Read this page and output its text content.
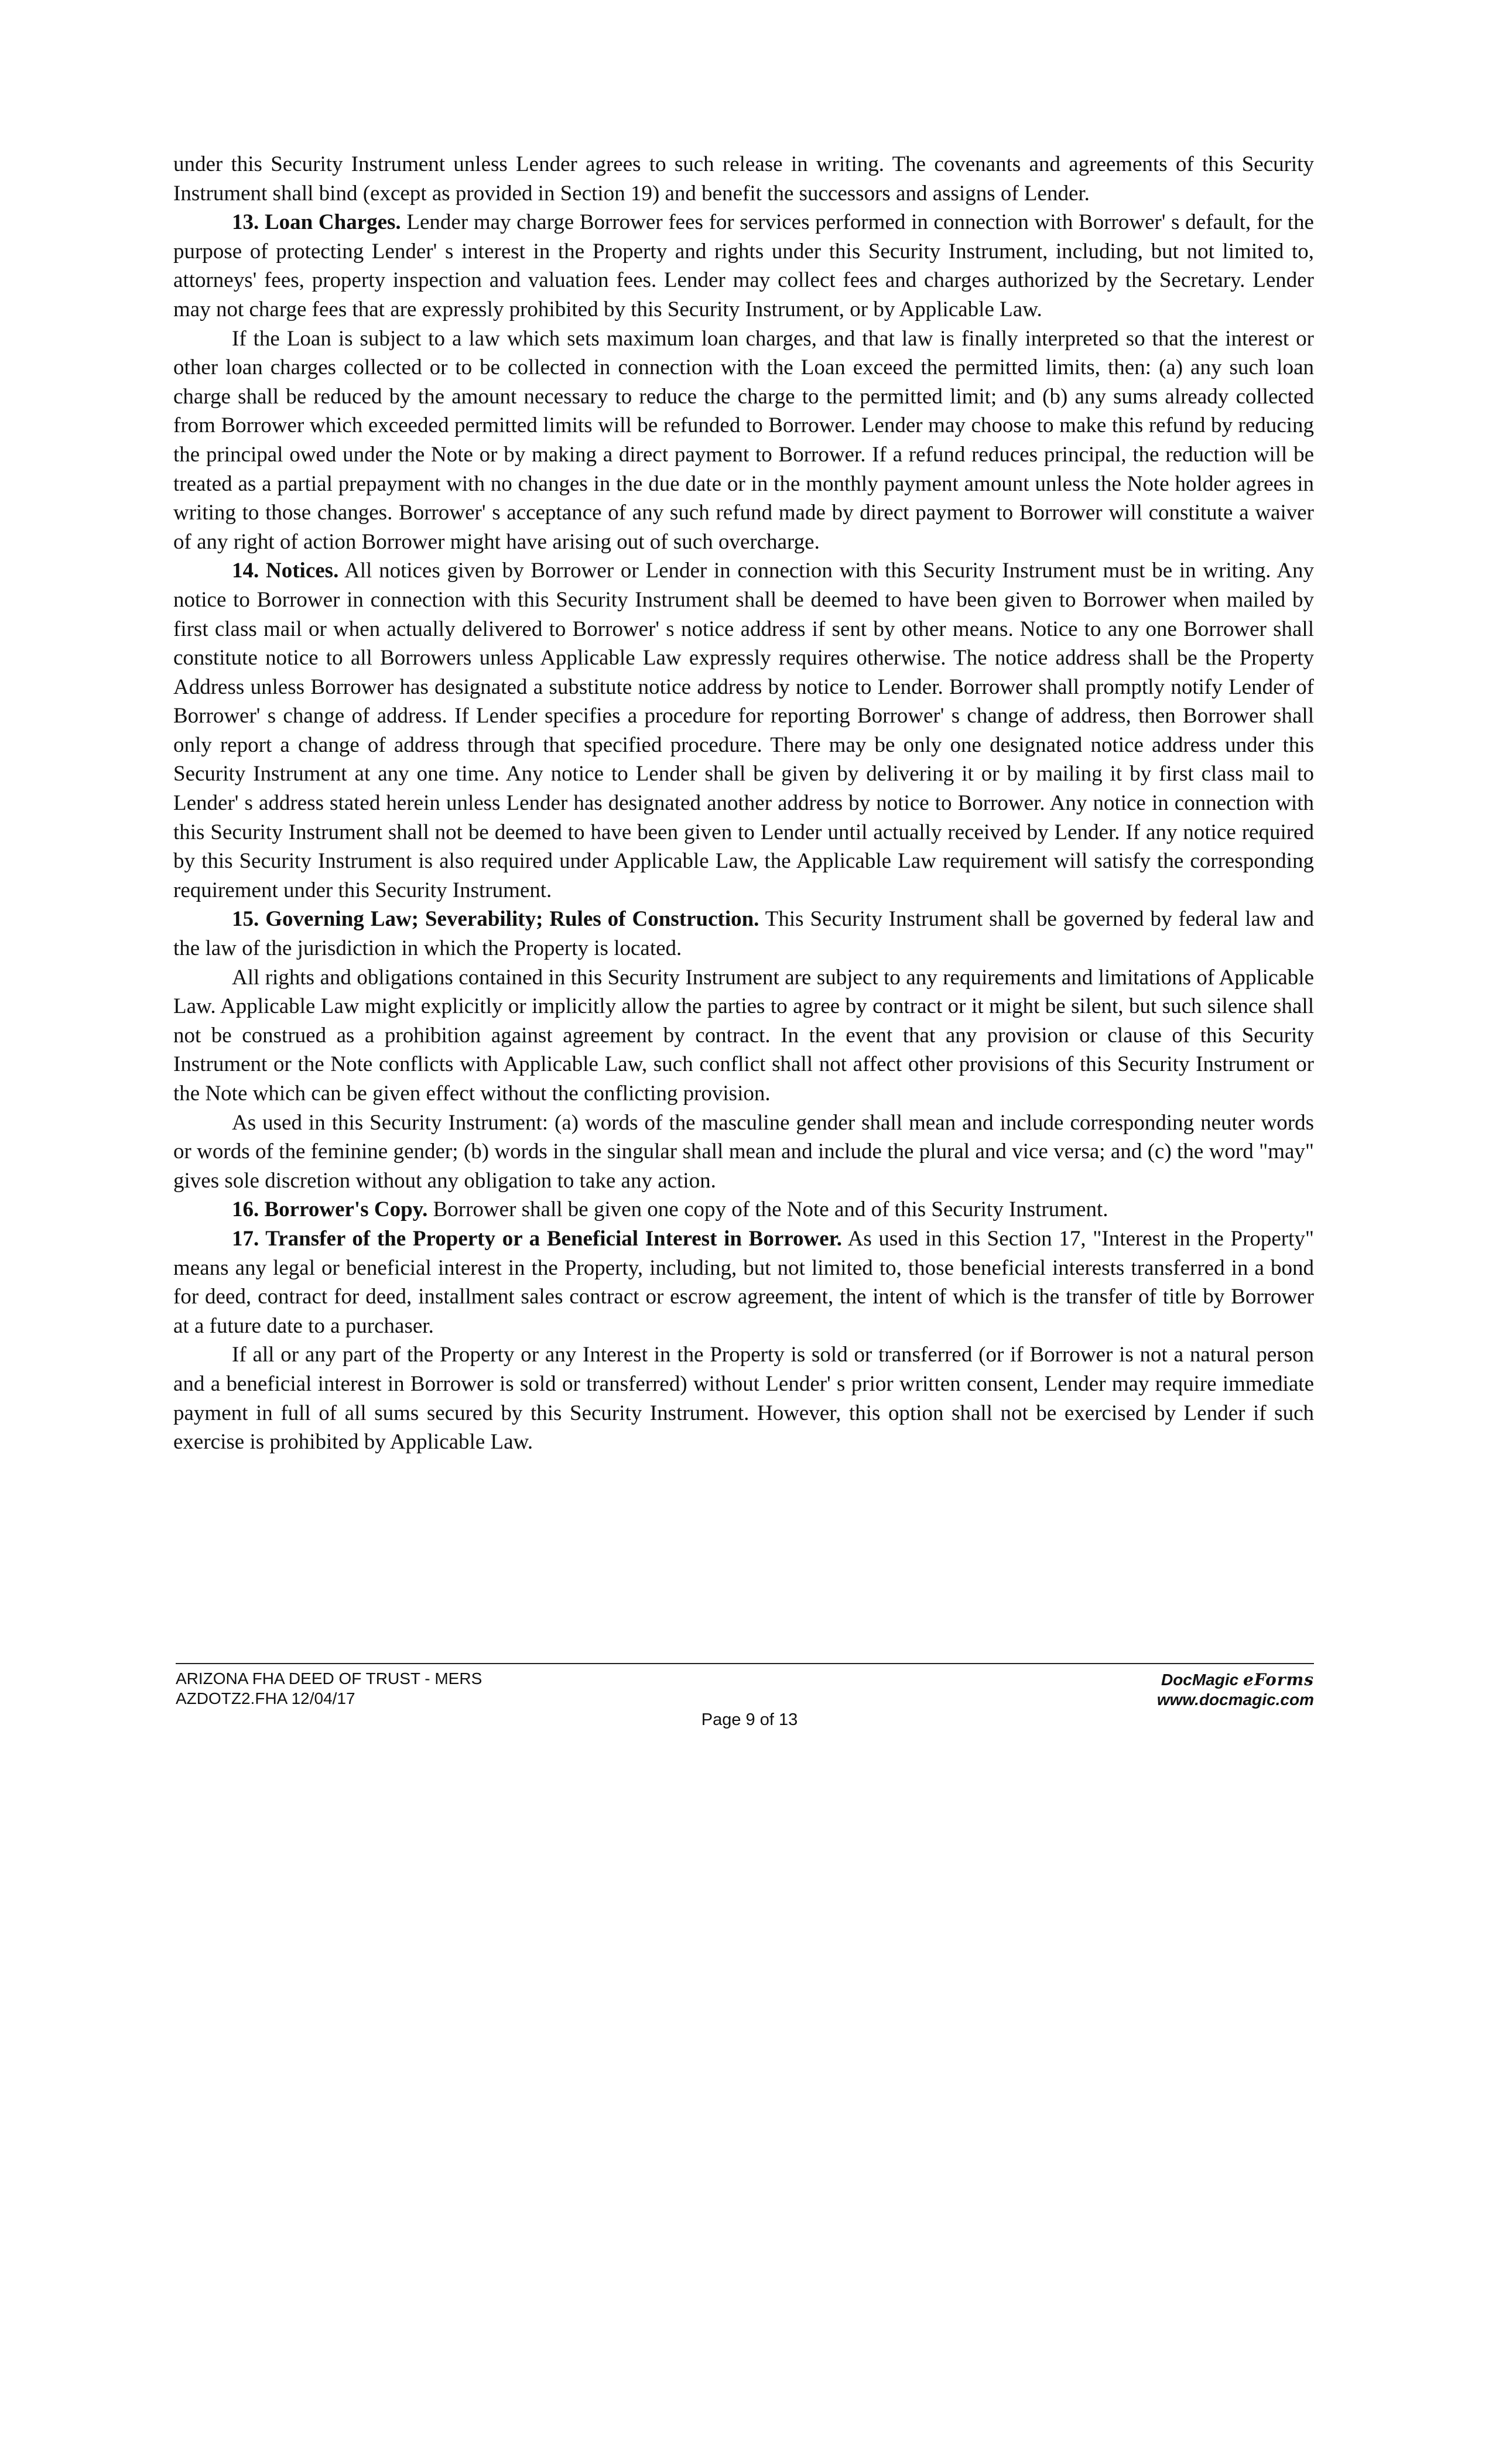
under this Security Instrument unless Lender agrees to such release in writing. The covenants and agreements of this Security Instrument shall bind (except as provided in Section 19) and benefit the successors and assigns of Lender.

13. Loan Charges. Lender may charge Borrower fees for services performed in connection with Borrower' s default, for the purpose of protecting Lender' s interest in the Property and rights under this Security Instrument, including, but not limited to, attorneys' fees, property inspection and valuation fees. Lender may collect fees and charges authorized by the Secretary. Lender may not charge fees that are expressly prohibited by this Security Instrument, or by Applicable Law.

If the Loan is subject to a law which sets maximum loan charges, and that law is finally interpreted so that the interest or other loan charges collected or to be collected in connection with the Loan exceed the permitted limits, then: (a) any such loan charge shall be reduced by the amount necessary to reduce the charge to the permitted limit; and (b) any sums already collected from Borrower which exceeded permitted limits will be refunded to Borrower. Lender may choose to make this refund by reducing the principal owed under the Note or by making a direct payment to Borrower. If a refund reduces principal, the reduction will be treated as a partial prepayment with no changes in the due date or in the monthly payment amount unless the Note holder agrees in writing to those changes. Borrower' s acceptance of any such refund made by direct payment to Borrower will constitute a waiver of any right of action Borrower might have arising out of such overcharge.

14. Notices. All notices given by Borrower or Lender in connection with this Security Instrument must be in writing. Any notice to Borrower in connection with this Security Instrument shall be deemed to have been given to Borrower when mailed by first class mail or when actually delivered to Borrower' s notice address if sent by other means. Notice to any one Borrower shall constitute notice to all Borrowers unless Applicable Law expressly requires otherwise. The notice address shall be the Property Address unless Borrower has designated a substitute notice address by notice to Lender. Borrower shall promptly notify Lender of Borrower' s change of address. If Lender specifies a procedure for reporting Borrower' s change of address, then Borrower shall only report a change of address through that specified procedure. There may be only one designated notice address under this Security Instrument at any one time. Any notice to Lender shall be given by delivering it or by mailing it by first class mail to Lender' s address stated herein unless Lender has designated another address by notice to Borrower. Any notice in connection with this Security Instrument shall not be deemed to have been given to Lender until actually received by Lender. If any notice required by this Security Instrument is also required under Applicable Law, the Applicable Law requirement will satisfy the corresponding requirement under this Security Instrument.

15. Governing Law; Severability; Rules of Construction. This Security Instrument shall be governed by federal law and the law of the jurisdiction in which the Property is located.

All rights and obligations contained in this Security Instrument are subject to any requirements and limitations of Applicable Law. Applicable Law might explicitly or implicitly allow the parties to agree by contract or it might be silent, but such silence shall not be construed as a prohibition against agreement by contract. In the event that any provision or clause of this Security Instrument or the Note conflicts with Applicable Law, such conflict shall not affect other provisions of this Security Instrument or the Note which can be given effect without the conflicting provision.

As used in this Security Instrument: (a) words of the masculine gender shall mean and include corresponding neuter words or words of the feminine gender; (b) words in the singular shall mean and include the plural and vice versa; and (c) the word "may" gives sole discretion without any obligation to take any action.

16. Borrower's Copy. Borrower shall be given one copy of the Note and of this Security Instrument.

17. Transfer of the Property or a Beneficial Interest in Borrower. As used in this Section 17, "Interest in the Property" means any legal or beneficial interest in the Property, including, but not limited to, those beneficial interests transferred in a bond for deed, contract for deed, installment sales contract or escrow agreement, the intent of which is the transfer of title by Borrower at a future date to a purchaser.

If all or any part of the Property or any Interest in the Property is sold or transferred (or if Borrower is not a natural person and a beneficial interest in Borrower is sold or transferred) without Lender' s prior written consent, Lender may require immediate payment in full of all sums secured by this Security Instrument. However, this option shall not be exercised by Lender if such exercise is prohibited by Applicable Law.

ARIZONA FHA DEED OF TRUST - MERS
AZDOTZ2.FHA 12/04/17
Page 9 of 13
DocMagic eForms
www.docmagic.com
